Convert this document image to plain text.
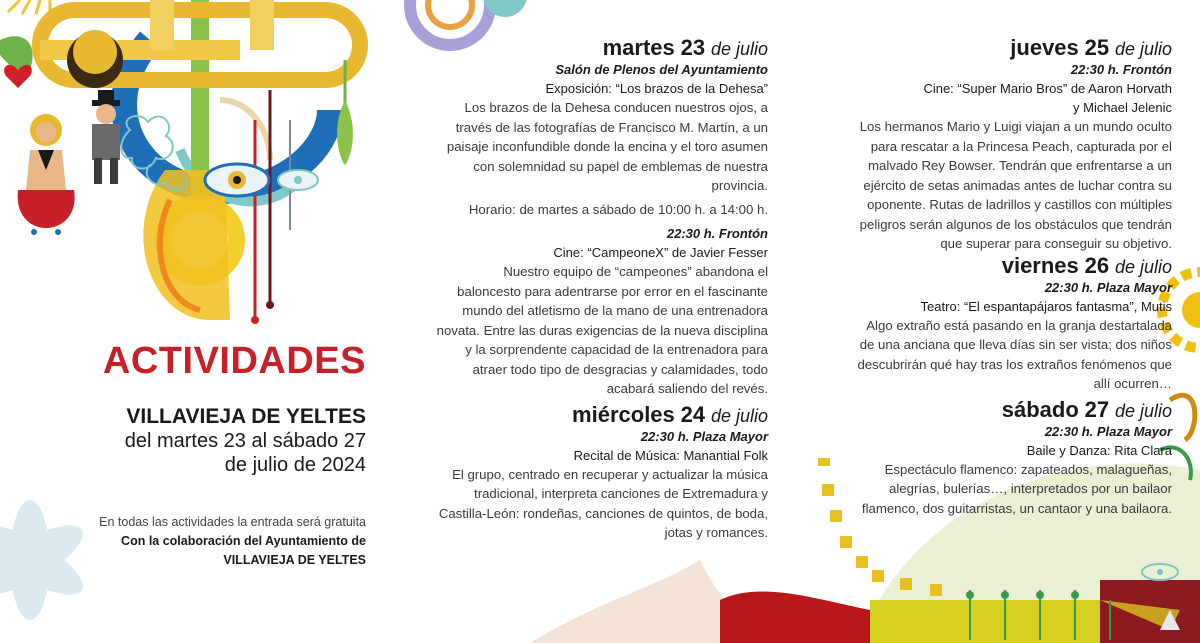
ACTIVIDADES
VILLAVIEJA DE YELTES
del martes 23 al sábado 27
de julio de 2024
En todas las actividades la entrada será gratuita
Con la colaboración del Ayuntamiento de
VILLAVIEJA DE YELTES
martes 23 de julio
Salón de Plenos del Ayuntamiento
Exposición: “Los brazos de la Dehesa”
Los brazos de la Dehesa conducen nuestros ojos, a
través de las fotografías de Francisco M. Martín, a un
paisaje inconfundible donde la encina y el toro asumen
con solemnidad su papel de emblemas de nuestra
provincia.
Horario: de martes a sábado de 10:00 h. a 14:00 h.
22:30 h. Frontón
Cine: “CampeoneX” de Javier Fesser
Nuestro equipo de “campeones” abandona el
baloncesto para adentrarse por error en el fascinante
mundo del atletismo de la mano de una entrenadora
novata. Entre las duras exigencias de la nueva disciplina
y la sorprendente capacidad de la entrenadora para
atraer todo tipo de desgracias y calamidades, todo
acabará saliendo del revés.
miércoles 24 de julio
22:30 h. Plaza Mayor
Recital de Música: Manantial Folk
El grupo, centrado en recuperar y actualizar la música
tradicional, interpreta canciones de Extremadura y
Castilla-León: rondeñas, canciones de quintos, de boda,
jotas y romances.
jueves 25 de julio
22:30 h. Frontón
Cine: “Super Mario Bros” de Aaron Horvath
y Michael Jelenic
Los hermanos Mario y Luigi viajan a un mundo oculto
para rescatar a la Princesa Peach, capturada por el
malvado Rey Bowser. Tendrán que enfrentarse a un
ejército de setas animadas antes de luchar contra su
oponente. Rutas de ladrillos y castillos con múltiples
peligros serán algunos de los obstáculos que tendrán
que superar para conseguir su objetivo.
viernes 26 de julio
22:30 h. Plaza Mayor
Teatro: “El espantapájaros fantasma”, Mutis
Algo extraño está pasando en la granja destartalada
de una anciana que lleva días sin ser vista; dos niños
descubrirán qué hay tras los extraños fenómenos que
allí ocurren…
sábado 27 de julio
22:30 h. Plaza Mayor
Baile y Danza: Rita Clara
Espectáculo flamenco: zapateados, malagueñas,
alegrías, bulerías…, interpretados por un bailaor
flamenco, dos guitarristas, un cantaor y una bailaora.
